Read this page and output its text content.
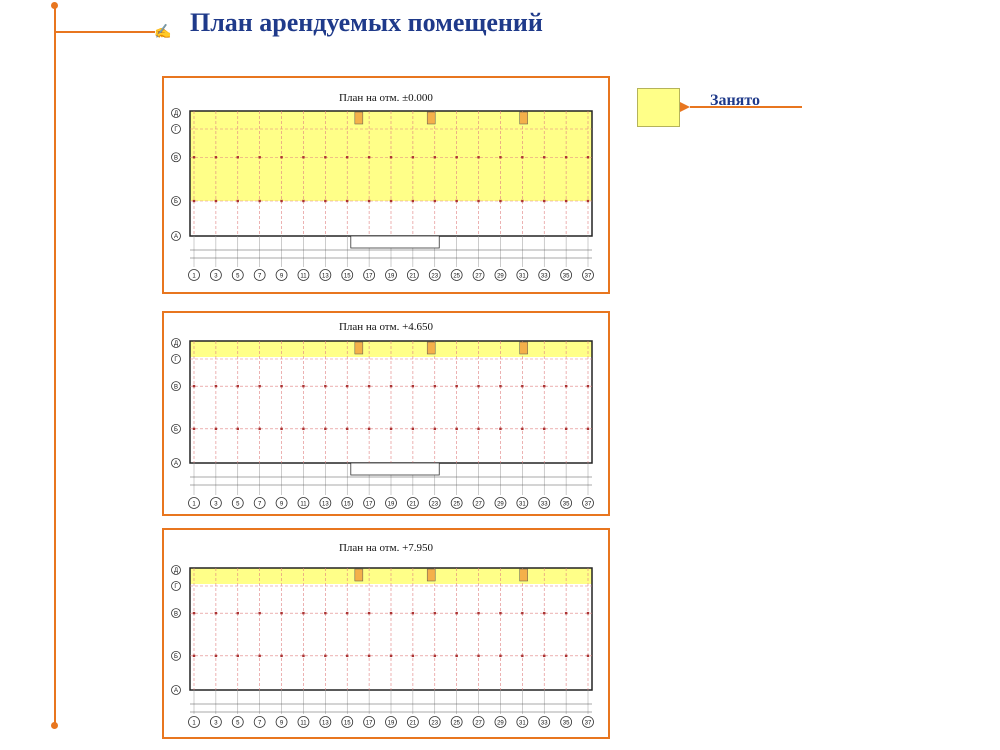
✍ План арендуемых помещений
Занято
План на отм. ±0.000
1	3	5	7	9	11	13	15	17	19	21	23	25	27	29	31	33	35	37
Д
Г
В
Б
А
План на отм. +4.650
1	3	5	7	9	11	13	15	17	19	21	23	25	27	29	31	33	35	37
Д
Г
В
Б
А
План на отм. +7.950
1	3	5	7	9	11	13	15	17	19	21	23	25	27	29	31	33	35	37
Д
Г
В
Б
А
